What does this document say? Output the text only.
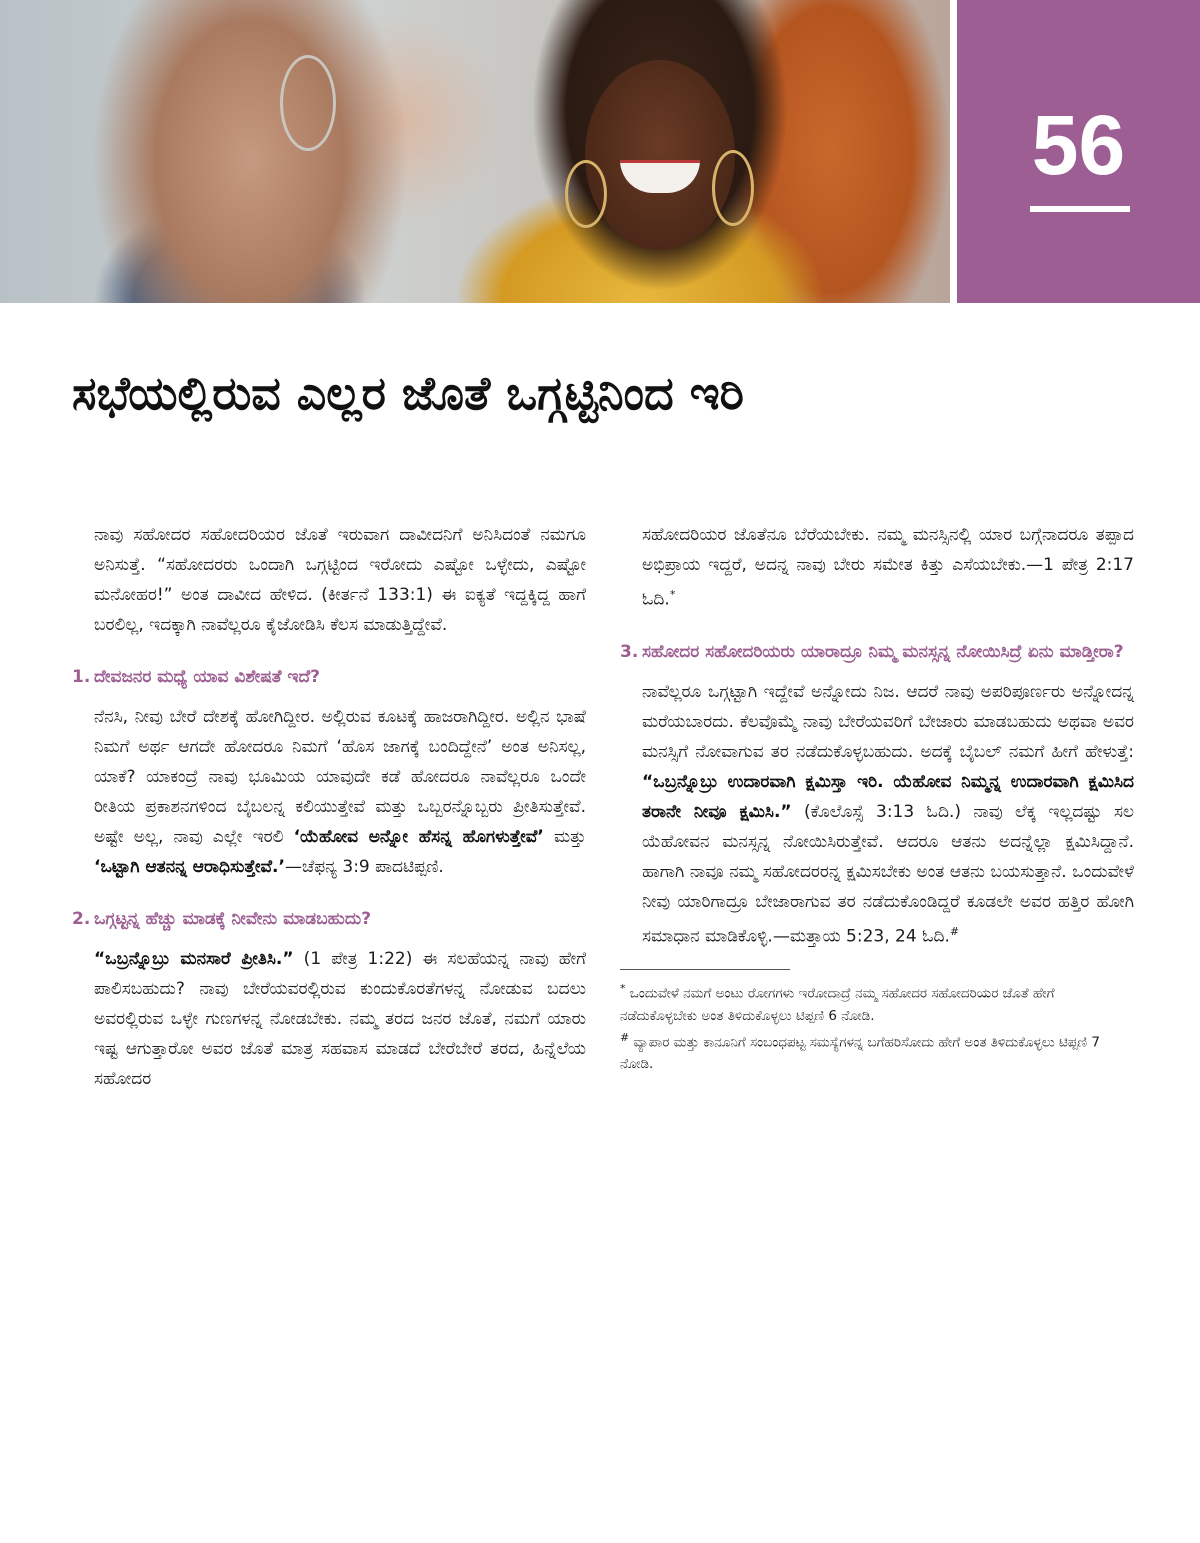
56
ಸಭೆಯಲ್ಲಿರುವ ಎಲ್ಲರ ಜೊತೆ ಒಗ್ಗಟ್ಟಿನಿಂದ ಇರಿ

ನಾವು ಸಹೋದರ ಸಹೋದರಿಯರ ಜೊತೆ ಇರುವಾಗ ದಾವೀದನಿಗೆ ಅನಿಸಿದಂತೆ ನಮಗೂ ಅನಿಸುತ್ತೆ. “ಸಹೋದರರು ಒಂದಾಗಿ ಒಗ್ಗಟ್ಟಿಂದ ಇರೋದು ಎಷ್ಟೋ ಒಳ್ಳೇದು, ಎಷ್ಟೋ ಮನೋಹರ!” ಅಂತ ದಾವೀದ ಹೇಳಿದ. (ಕೀರ್ತನೆ 133:1) ಈ ಐಕ್ಯತೆ ಇದ್ದಕ್ಕಿದ್ದ ಹಾಗೆ ಬರಲಿಲ್ಲ, ಇದಕ್ಕಾಗಿ ನಾವೆಲ್ಲರೂ ಕೈಜೋಡಿಸಿ ಕೆಲಸ ಮಾಡುತ್ತಿದ್ದೇವೆ.

1. ದೇವಜನರ ಮಧ್ಯೆ ಯಾವ ವಿಶೇಷತೆ ಇದೆ?

ನೆನಸಿ, ನೀವು ಬೇರೆ ದೇಶಕ್ಕೆ ಹೋಗಿದ್ದೀರ. ಅಲ್ಲಿರುವ ಕೂಟಕ್ಕೆ ಹಾಜರಾಗಿದ್ದೀರ. ಅಲ್ಲಿನ ಭಾಷೆ ನಿಮಗೆ ಅರ್ಥ ಆಗದೇ ಹೋದರೂ ನಿಮಗೆ ‘ಹೊಸ ಜಾಗಕ್ಕೆ ಬಂದಿದ್ದೇನೆ’ ಅಂತ ಅನಿಸಲ್ಲ, ಯಾಕೆ? ಯಾಕಂದ್ರೆ ನಾವು ಭೂಮಿಯ ಯಾವುದೇ ಕಡೆ ಹೋದರೂ ನಾವೆಲ್ಲರೂ ಒಂದೇ ರೀತಿಯ ಪ್ರಕಾಶನಗಳಿಂದ ಬೈಬಲನ್ನ ಕಲಿಯುತ್ತೇವೆ ಮತ್ತು ಒಬ್ಬರನ್ನೊಬ್ಬರು ಪ್ರೀತಿಸುತ್ತೇವೆ. ಅಷ್ಟೇ ಅಲ್ಲ, ನಾವು ಎಲ್ಲೇ ಇರಲಿ ‘ಯೆಹೋವ ಅನ್ನೋ ಹೆಸನ್ನ ಹೊಗಳುತ್ತೇವೆ’ ಮತ್ತು ‘ಒಟ್ಟಾಗಿ ಆತನನ್ನ ಆರಾಧಿಸುತ್ತೇವೆ.’—ಚೆಫನ್ಯ 3:9 ಪಾದಟಿಪ್ಪಣಿ.

2. ಒಗ್ಗಟ್ಟನ್ನ ಹೆಚ್ಚು ಮಾಡಕ್ಕೆ ನೀವೇನು ಮಾಡಬಹುದು?

“ಒಬ್ರನ್ನೊಬ್ರು ಮನಸಾರೆ ಪ್ರೀತಿಸಿ.” (1 ಪೇತ್ರ 1:22) ಈ ಸಲಹೆಯನ್ನ ನಾವು ಹೇಗೆ ಪಾಲಿಸಬಹುದು? ನಾವು ಬೇರೆಯವರಲ್ಲಿರುವ ಕುಂದುಕೊರತೆಗಳನ್ನ ನೋಡುವ ಬದಲು ಅವರಲ್ಲಿರುವ ಒಳ್ಳೇ ಗುಣಗಳನ್ನ ನೋಡಬೇಕು. ನಮ್ಮ ತರದ ಜನರ ಜೊತೆ, ನಮಗೆ ಯಾರು ಇಷ್ಟ ಆಗುತ್ತಾರೋ ಅವರ ಜೊತೆ ಮಾತ್ರ ಸಹವಾಸ ಮಾಡದೆ ಬೇರೆಬೇರೆ ತರದ, ಹಿನ್ನೆಲೆಯ ಸಹೋದರ

ಸಹೋದರಿಯರ ಜೊತೆನೂ ಬೆರೆಯಬೇಕು. ನಮ್ಮ ಮನಸ್ಸಿನಲ್ಲಿ ಯಾರ ಬಗ್ಗೆನಾದರೂ ತಪ್ಪಾದ ಅಭಿಪ್ರಾಯ ಇದ್ದರೆ, ಅದನ್ನ ನಾವು ಬೇರು ಸಮೇತ ಕಿತ್ತು ಎಸೆಯಬೇಕು.—1 ಪೇತ್ರ 2:17 ಓದಿ.*

3. ಸಹೋದರ ಸಹೋದರಿಯರು ಯಾರಾದ್ರೂ ನಿಮ್ಮ ಮನಸ್ಸನ್ನ ನೋಯಿಸಿದ್ರೆ ಏನು ಮಾಡ್ತೀರಾ?

ನಾವೆಲ್ಲರೂ ಒಗ್ಗಟ್ಟಾಗಿ ಇದ್ದೇವೆ ಅನ್ನೋದು ನಿಜ. ಆದರೆ ನಾವು ಅಪರಿಪೂರ್ಣರು ಅನ್ನೋದನ್ನ ಮರೆಯಬಾರದು. ಕೆಲವೊಮ್ಮೆ ನಾವು ಬೇರೆಯವರಿಗೆ ಬೇಜಾರು ಮಾಡಬಹುದು ಅಥವಾ ಅವರ ಮನಸ್ಸಿಗೆ ನೋವಾಗುವ ತರ ನಡೆದುಕೊಳ್ಳಬಹುದು. ಅದಕ್ಕೆ ಬೈಬಲ್ ನಮಗೆ ಹೀಗೆ ಹೇಳುತ್ತೆ: “ಒಬ್ರನ್ನೊಬ್ರು ಉದಾರವಾಗಿ ಕ್ಷಮಿಸ್ತಾ ಇರಿ. ಯೆಹೋವ ನಿಮ್ಮನ್ನ ಉದಾರವಾಗಿ ಕ್ಷಮಿಸಿದ ತರಾನೇ ನೀವೂ ಕ್ಷಮಿಸಿ.” (ಕೊಲೊಸ್ಸೆ 3:13 ಓದಿ.) ನಾವು ಲೆಕ್ಕ ಇಲ್ಲದಷ್ಟು ಸಲ ಯೆಹೋವನ ಮನಸ್ಸನ್ನ ನೋಯಿಸಿರುತ್ತೇವೆ. ಆದರೂ ಆತನು ಅದನ್ನೆಲ್ಲಾ ಕ್ಷಮಿಸಿದ್ದಾನೆ. ಹಾಗಾಗಿ ನಾವೂ ನಮ್ಮ ಸಹೋದರರನ್ನ ಕ್ಷಮಿಸಬೇಕು ಅಂತ ಆತನು ಬಯಸುತ್ತಾನೆ. ಒಂದುವೇಳೆ ನೀವು ಯಾರಿಗಾದ್ರೂ ಬೇಜಾರಾಗುವ ತರ ನಡೆದುಕೊಂಡಿದ್ದರೆ ಕೂಡಲೇ ಅವರ ಹತ್ತಿರ ಹೋಗಿ ಸಮಾಧಾನ ಮಾಡಿಕೊಳ್ಳಿ.—ಮತ್ತಾಯ 5:23, 24 ಓದಿ.#

* ಒಂದುವೇಳೆ ನಮಗೆ ಅಂಟು ರೋಗಗಳು ಇರೋದಾದ್ರೆ ನಮ್ಮ ಸಹೋದರ ಸಹೋದರಿಯರ ಜೊತೆ ಹೇಗೆ ನಡೆದುಕೊಳ್ಳಬೇಕು ಅಂತ ತಿಳಿದುಕೊಳ್ಳಲು ಟಿಪ್ಪಣಿ 6 ನೋಡಿ.

# ವ್ಯಾಪಾರ ಮತ್ತು ಕಾನೂನಿಗೆ ಸಂಬಂಧಪಟ್ಟ ಸಮಸ್ಯೆಗಳನ್ನ ಬಗೆಹರಿಸೋದು ಹೇಗೆ ಅಂತ ತಿಳಿದುಕೊಳ್ಳಲು ಟಿಪ್ಪಣಿ 7 ನೋಡಿ.
